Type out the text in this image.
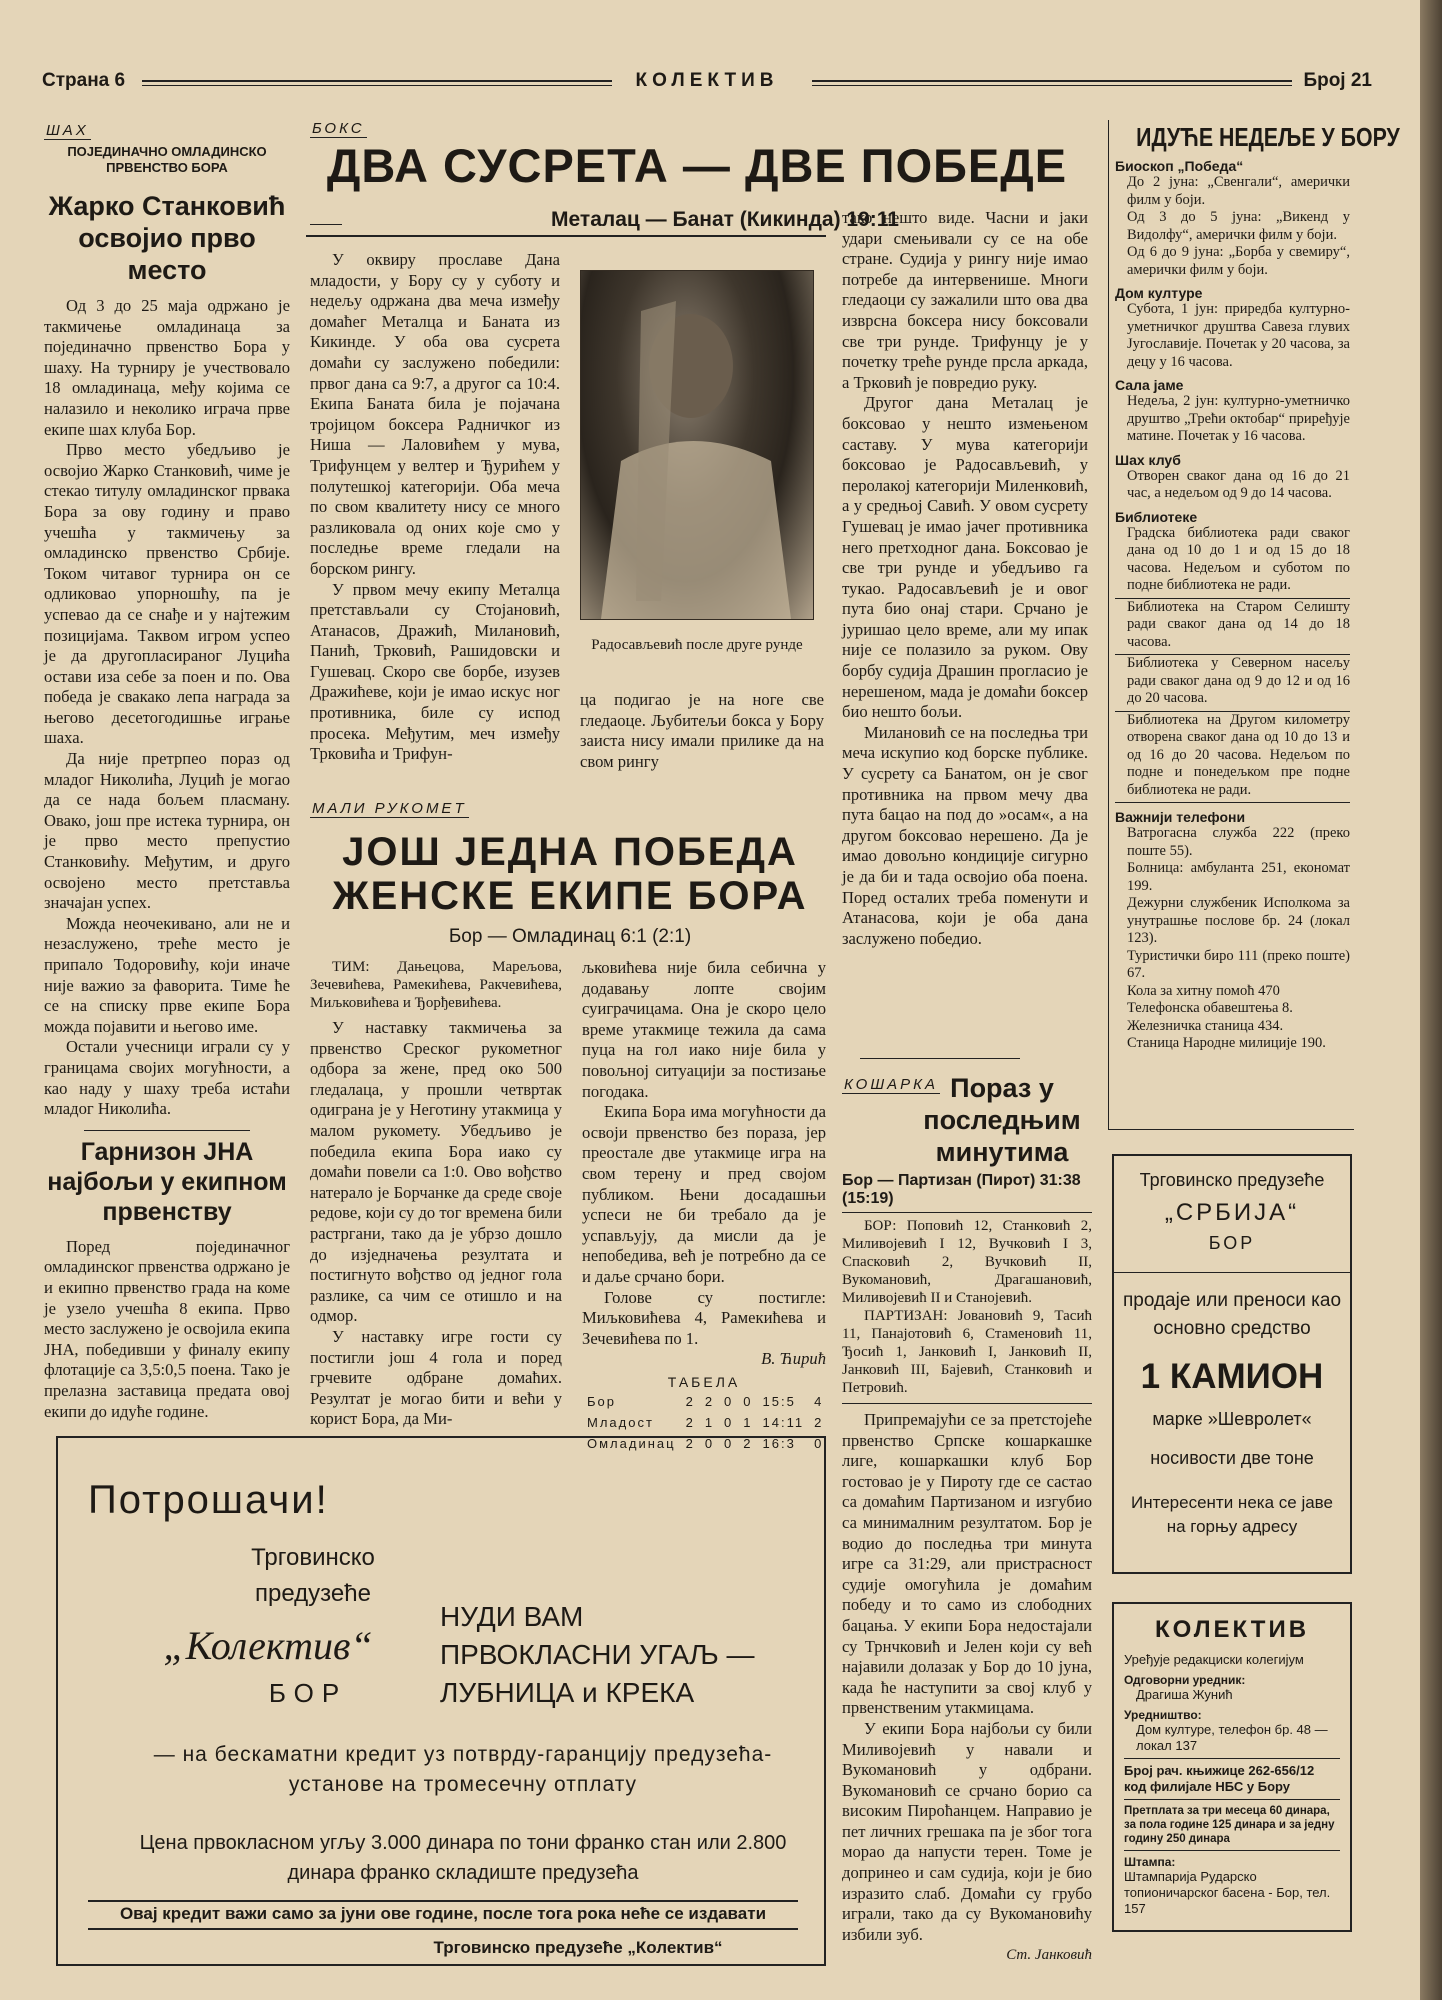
Страна 6	КОЛЕКТИВ	Број 21
ШАХ
ПОЈЕДИНАЧНО ОМЛАДИНСКО ПРВЕНСТВО БОРА
Жарко Станковић освојио прво место

Од 3 до 25 маја одржано је такмичење омладинаца за појединачно првенство Бора у шаху. На турниру је учествовало 18 омладинаца, међу којима се налазило и неколико играча прве екипе шах клуба Бор.

Прво место убедљиво је освојио Жарко Станковић, чиме је стекао титулу омладинског првака Бора за ову годину и право учешћа у такмичењу за омладинско првенство Србије. Током читавог турнира он се одликовао упорношћу, па је успевао да се снађе и у најтежим позицијама. Таквом игром успео је да другопласираног Луцића остави иза себе за поен и по. Ова победа је свакако лепа награда за његово десетогодишње играње шаха.

Да није претрпео пораз од младог Николића, Луцић је могао да се нада бољем пласману. Овако, још пре истека турнира, он је прво место препустио Станковићу. Међутим, и друго освојено место претставља значајан успех.

Можда неочекивано, али не и незаслужено, треће место је припало Тодоровићу, који иначе није важио за фаворита. Тиме ће се на списку прве екипе Бора можда појавити и његово име.

Остали учесници играли су у границама својих могућности, а као наду у шаху треба истаћи младог Николића.

Гарнизон ЈНА најбољи у екипном првенству

Поред појединачног омладинског првенства одржано је и екипно првенство града на коме је узело учешћа 8 екипа. Прво место заслужено је освојила екипа ЈНА, победивши у финалу екипу флотације са 3,5:0,5 поена. Тако је прелазна заставица предата овој екипи до идуће године.

БОКС
ДВА СУСРЕТА — ДВЕ ПОБЕДЕ
Металац — Банат (Кикинда) 19:11

У оквиру прославе Дана младости, у Бору су у суботу и недељу одржана два меча између домаћег Металца и Баната из Кикинде. У оба ова сусрета домаћи су заслужено победили: првог дана са 9:7, а другог са 10:4. Екипа Баната била је појачана тројицом боксера Радничког из Ниша — Лаловићем у мува, Трифунцем у велтер и Ђурићем у полутешкој категорији. Оба меча по свом квалитету нису се много разликовала од оних које смо у последње време гледали на борском рингу.

У првом мечу екипу Металца претстављали су Стојановић, Атанасов, Дражић, Милановић, Панић, Трковић, Рашидовски и Гушевац. Скоро све борбе, изузев Дражићеве, који је имао искус ног противника, биле су испод просека. Међутим, меч између Трковића и Трифун-

Радосављевић после друге рунде
ца подигао је на ноге све гледаоце. Љубитељи бокса у Бору заиста нису имали прилике да на свом рингу

тако нешто виде. Часни и јаки удари смењивали су се на обе стране. Судија у рингу није имао потребе да интервенише. Многи гледаоци су зажалили што ова два изврсна боксера нису боксовали све три рунде. Трифунцу је у почетку треће рунде прсла аркада, а Трковић је повредио руку.

Другог дана Металац је боксовао у нешто измењеном саставу. У мува категорији боксовао је Радосављевић, у перолакој категорији Миленковић, а у средњој Савић. У овом сусрету Гушевац је имао јачег противника него претходног дана. Боксовао је све три рунде и убедљиво га тукао. Радосављевић је и овог пута био онај стари. Срчано је јуришао цело време, али му ипак није се полазило за руком. Ову борбу судија Драшин прогласио је нерешеном, мада је домаћи боксер био нешто бољи.

Милановић се на последња три меча искупио код борске публике. У сусрету са Банатом, он је свог противника на првом мечу два пута бацао на под до »осам«, а на другом боксовао нерешено. Да је имао довољно кондиције сигурно је да би и тада освојио оба поена. Поред осталих треба поменути и Атанасова, који је оба дана заслужено победио.

МАЛИ РУКОМЕТ
ЈОШ ЈЕДНА ПОБЕДА
ЖЕНСКЕ ЕКИПЕ БОРА
Бор — Омладинац 6:1 (2:1)

ТИМ: Дањецова, Марељова, Зечевићева, Рамекићева, Ракчевићева, Миљковићева и Ђорђевићева.

У наставку такмичења за првенство Среског рукометног одбора за жене, пред око 500 гледалаца, у прошли четвртак одиграна је у Неготину утакмица у малом рукомету. Убедљиво је победила екипа Бора иако су домаћи повели са 1:0. Ово вођство натерало је Борчанке да среде своје редове, који су до тог времена били растргани, тако да је убрзо дошло до изједначења резултата и постигнуто вођство од једног гола разлике, са чим се отишло и на одмор.

У наставку игре гости су постигли још 4 гола и поред грчевите одбране домаћих. Резултат је могао бити и већи у корист Бора, да Ми-

љковићева није била себична у додавању лопте својим суиграчицама. Она је скоро цело време утакмице тежила да сама пуца на гол иако није била у повољној ситуацији за постизање погодака.

Екипа Бора има могућности да освоји првенство без пораза, јер преостале две утакмице игра на свом терену и пред својом публиком. Њени досадашњи успеси не би требало да је успављују, да мисли да је непобедива, већ је потребно да се и даље срчано бори.

Голове су постигле: Миљковићева 4, Рамекићева и Зечевићева по 1.

В. Ћирић
ТАБЕЛА
Бор	2	2	0	0	15:5	4
Младост	2	1	0	1	14:11	2
Омладинац	2	0	0	2	16:3	0
КОШАРКА Пораз у последњим минутима
Бор — Партизан (Пирот) 31:38 (15:19)

БОР: Поповић 12, Станковић 2, Миливојевић I 12, Вучковић I 3, Спасковић 2, Вучковић II, Вукомановић, Драгашановић, Миливојевић II и Станојевић.

ПАРТИЗАН: Јовановић 9, Тасић 11, Панајотовић 6, Стаменовић 11, Ђосић 1, Јанковић I, Јанковић II, Јанковић III, Бајевић, Станковић и Петровић.

Припремајући се за претстојеће првенство Српске кошаркашке лиге, кошаркашки клуб Бор гостовао је у Пироту где се састао са домаћим Партизаном и изгубио са минималним резултатом. Бор је водио до последња три минута игре са 31:29, али пристрасност судије омогућила је домаћим победу и то само из слободних бацања. У екипи Бора недостајали су Трнчковић и Јелен који су већ најавили долазак у Бор до 10 јуна, када ће наступити за свој клуб у првенственим утакмицама.

У екипи Бора најбољи су били Миливојевић у навали и Вукомановић у одбрани. Вукомановић се срчано борио са високим Пироћанцем. Направио је пет личних грешака па је због тога морао да напусти терен. Томе је допринео и сам судија, који је био изразито слаб. Домаћи су грубо играли, тако да су Вукомановићу избили зуб.

Ст. Јанковић
ИДУЋЕ НЕДЕЉЕ У БОРУ
Биоскоп „Победа“
До 2 јуна: „Свенгали“, амерички филм у боји.
Од 3 до 5 јуна: „Викенд у Видолфу“, амерички филм у боји.
Од 6 до 9 јуна: „Борба у свемиру“, амерички филм у боји.
Дом културе
Субота, 1 јун: приредба културно-уметничког друштва Савеза глувих Југославије. Почетак у 20 часова, за децу у 16 часова.
Сала јаме
Недеља, 2 јун: културно-уметничко друштво „Трећи октобар“ приређује матине. Почетак у 16 часова.
Шах клуб
Отворен сваког дана од 16 до 21 час, а недељом од 9 до 14 часова.
Библиотеке
Градска библиотека ради сваког дана од 10 до 1 и од 15 до 18 часова. Недељом и суботом по подне библиотека не ради.
Библиотека на Старом Селишту ради сваког дана од 14 до 18 часова.
Библиотека у Северном насељу ради сваког дана од 9 до 12 и од 16 до 20 часова.
Библиотека на Другом километру отворена сваког дана од 10 до 13 и од 16 до 20 часова. Недељом по подне и понедељком пре подне библиотека не ради.
Важнији телефони
Ватрогасна служба 222 (преко поште 55).
Болница: амбуланта 251, економат 199.
Дежурни службеник Исполкома за унутрашње послове бр. 24 (локал 123).
Туристички биро 111 (преко поште) 67.
Кола за хитну помоћ 470
Телефонска обавештења 8.
Железничка станица 434.
Станица Народне милиције 190.
Трговинско предузеће
„СРБИЈА“
БОР
продаје или преноси као основно средство
1 КАМИОН
марке »Шевролет«
носивости две тоне
Интересенти нека се јаве на горњу адресу
КОЛЕКТИВ
Уређује редакциски колегијум
Одговорни уредник:
Драгиша Жунић
Уредништво:
Дом културе, телефон бр. 48 — локал 137
Број рач. књижице 262-656/12 код филијале НБС у Бору
Претплата за три месеца 60 динара, за пола године 125 динара и за једну годину 250 динара
Штампа:
Штампарија Рударско топионичарског басена - Бор, тел. 157
Потрошачи!
Трговинско
предузеће
„Колектив“
БОР
НУДИ ВАМ ПРВОКЛАСНИ УГАЉ — ЛУБНИЦА и КРЕКА
— на бескаматни кредит уз потврду-гаранцију предузећа-установе на тромесечну отплату
Цена првокласном угљу 3.000 динара по тони франко стан или 2.800 динара франко складиште предузећа
Овај кредит важи само за јуни ове године, после тога рока неће се издавати
Трговинско предузеће „Колектив“
